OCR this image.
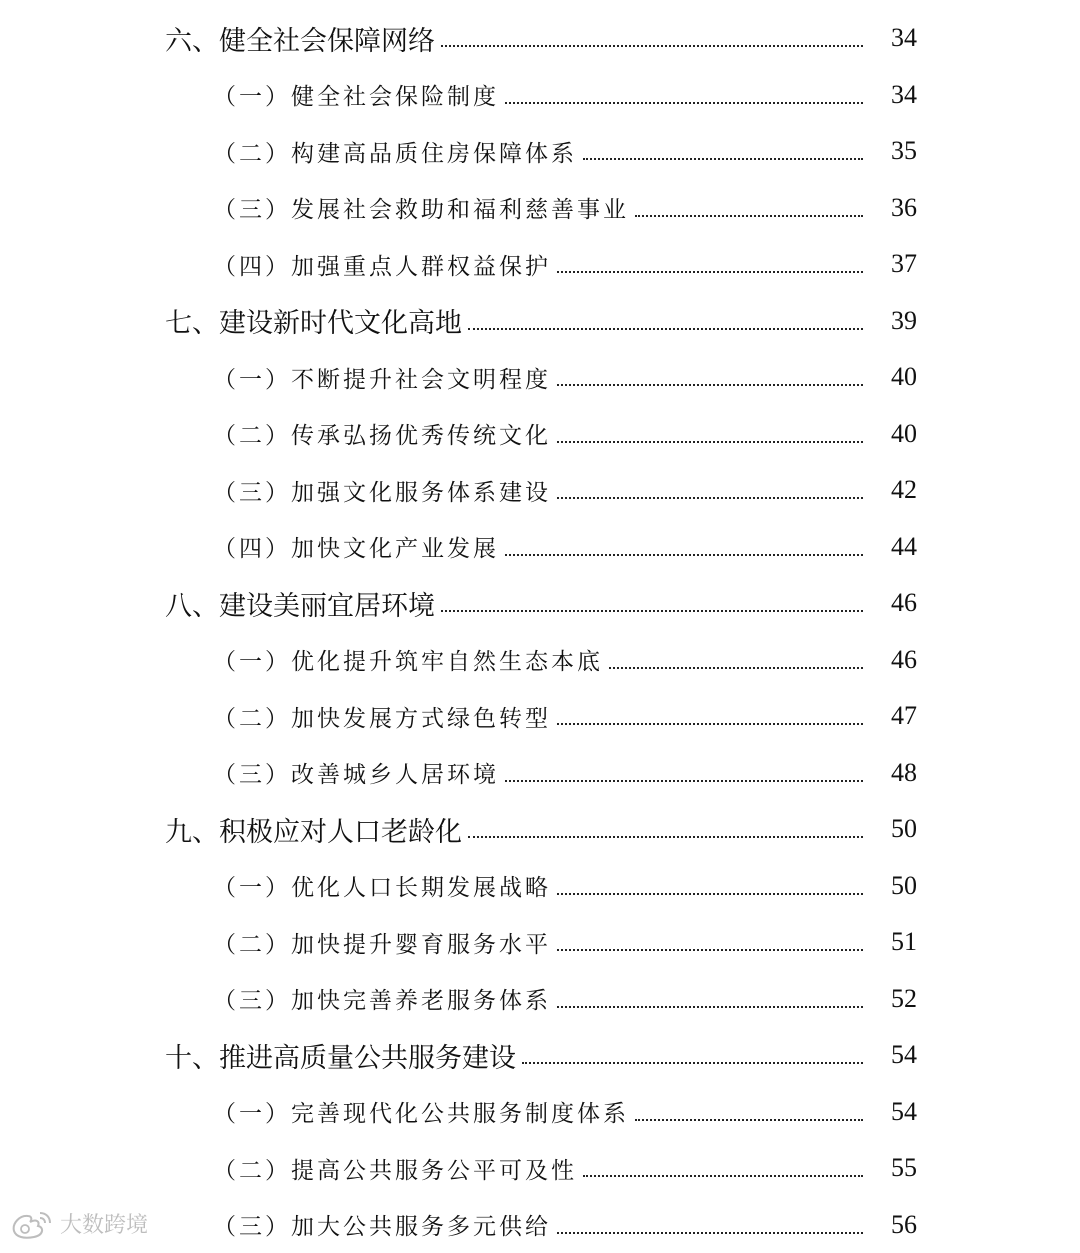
六、健全社会保障网络	34
（一）健全社会保险制度	34
（二）构建高品质住房保障体系	35
（三）发展社会救助和福利慈善事业	36
（四）加强重点人群权益保护	37
七、建设新时代文化高地	39
（一）不断提升社会文明程度	40
（二）传承弘扬优秀传统文化	40
（三）加强文化服务体系建设	42
（四）加快文化产业发展	44
八、建设美丽宜居环境	46
（一）优化提升筑牢自然生态本底	46
（二）加快发展方式绿色转型	47
（三）改善城乡人居环境	48
九、积极应对人口老龄化	50
（一）优化人口长期发展战略	50
（二）加快提升婴育服务水平	51
（三）加快完善养老服务体系	52
十、推进高质量公共服务建设	54
（一）完善现代化公共服务制度体系	54
（二）提高公共服务公平可及性	55
（三）加大公共服务多元供给	56
大数跨境
